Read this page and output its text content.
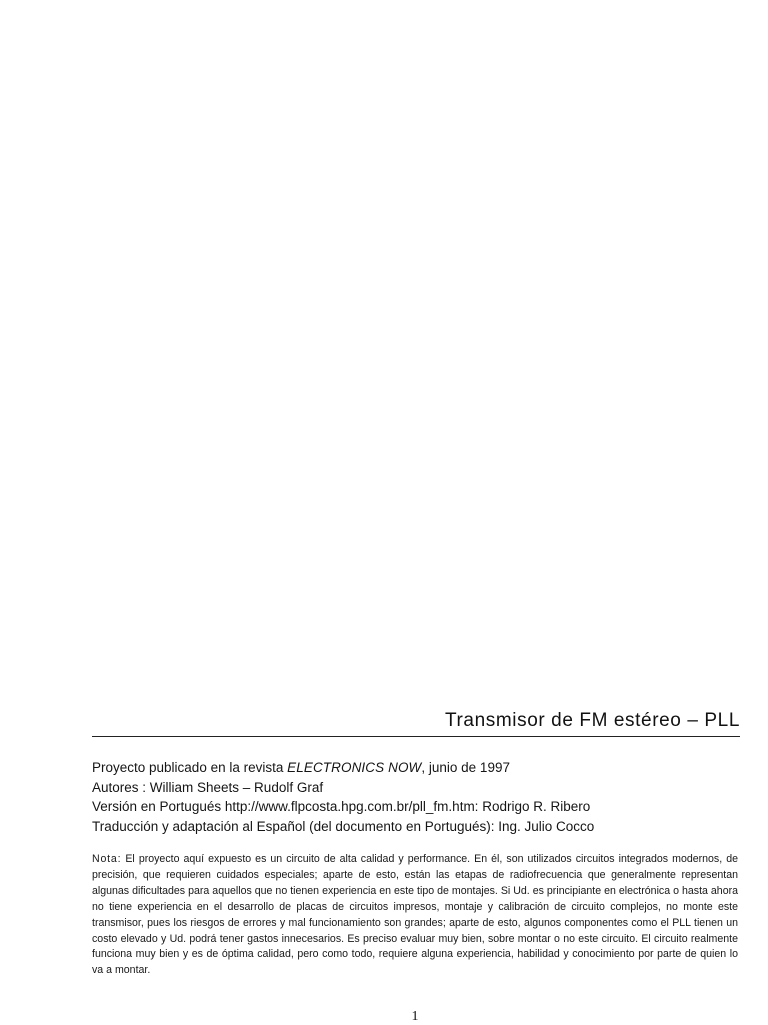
Transmisor de FM estéreo – PLL
Proyecto publicado en la revista ELECTRONICS NOW, junio de 1997
Autores : William Sheets – Rudolf Graf
Versión en Portugués http://www.flpcosta.hpg.com.br/pll_fm.htm: Rodrigo R. Ribero
Traducción y adaptación al Español (del documento en Portugués): Ing. Julio Cocco
Nota: El proyecto aquí expuesto es un circuito de alta calidad y performance. En él, son utilizados circuitos integrados modernos, de precisión, que requieren cuidados especiales; aparte de esto, están las etapas de radiofrecuencia que generalmente representan algunas dificultades para aquellos que no tienen experiencia en este tipo de montajes. Si Ud. es principiante en electrónica o hasta ahora no tiene experiencia en el desarrollo de placas de circuitos impresos, montaje y calibración de circuito complejos, no monte este transmisor, pues los riesgos de errores y mal funcionamiento son grandes; aparte de esto, algunos componentes como el PLL tienen un costo elevado y Ud. podrá tener gastos innecesarios. Es preciso evaluar muy bien, sobre montar o no este circuito. El circuito realmente funciona muy bien y es de óptima calidad, pero como todo, requiere alguna experiencia, habilidad y conocimiento por parte de quien lo va a montar.
1
